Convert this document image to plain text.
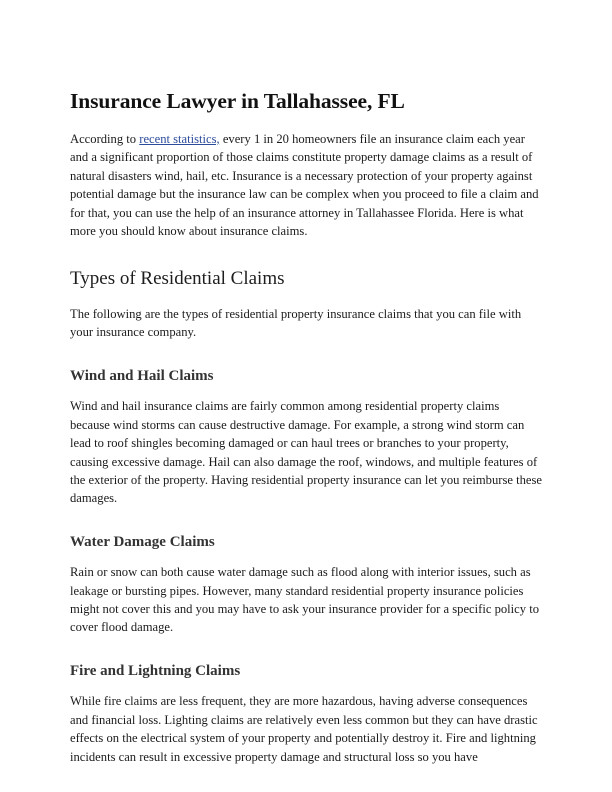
Insurance Lawyer in Tallahassee, FL

According to recent statistics, every 1 in 20 homeowners file an insurance claim each year and a significant proportion of those claims constitute property damage claims as a result of natural disasters wind, hail, etc. Insurance is a necessary protection of your property against potential damage but the insurance law can be complex when you proceed to file a claim and for that, you can use the help of an insurance attorney in Tallahassee Florida. Here is what more you should know about insurance claims.

Types of Residential Claims

The following are the types of residential property insurance claims that you can file with your insurance company.

Wind and Hail Claims

Wind and hail insurance claims are fairly common among residential property claims because wind storms can cause destructive damage. For example, a strong wind storm can lead to roof shingles becoming damaged or can haul trees or branches to your property, causing excessive damage. Hail can also damage the roof, windows, and multiple features of the exterior of the property. Having residential property insurance can let you reimburse these damages.

Water Damage Claims

Rain or snow can both cause water damage such as flood along with interior issues, such as leakage or bursting pipes. However, many standard residential property insurance policies might not cover this and you may have to ask your insurance provider for a specific policy to cover flood damage.

Fire and Lightning Claims

While fire claims are less frequent, they are more hazardous, having adverse consequences and financial loss. Lighting claims are relatively even less common but they can have drastic effects on the electrical system of your property and potentially destroy it. Fire and lightning incidents can result in excessive property damage and structural loss so you have
